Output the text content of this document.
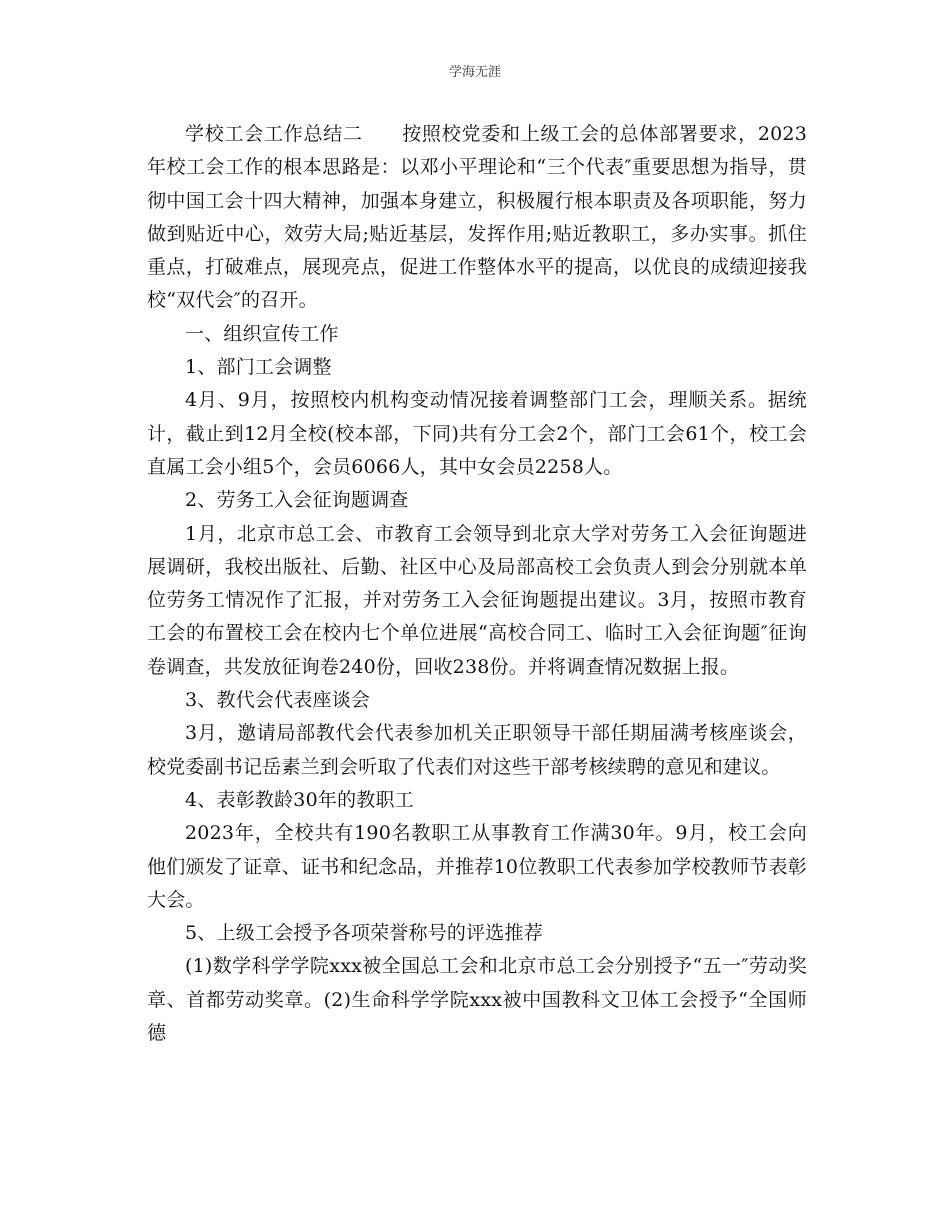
学海无涯

学校工会工作总结二　　按照校党委和上级工会的总体部署要求，2023年校工会工作的根本思路是：以邓小平理论和“三个代表″重要思想为指导，贯彻中国工会十四大精神，加强本身建立，积极履行根本职责及各项职能，努力做到贴近中心，效劳大局;贴近基层，发挥作用;贴近教职工，多办实事。抓住重点，打破难点，展现亮点，促进工作整体水平的提高，以优良的成绩迎接我校“双代会″的召开。

一、组织宣传工作

1、部门工会调整

4月、9月，按照校内机构变动情况接着调整部门工会，理顺关系。据统计，截止到12月全校(校本部，下同)共有分工会2个，部门工会61个，校工会直属工会小组5个，会员6066人，其中女会员2258人。

2、劳务工入会征询题调查

1月，北京市总工会、市教育工会领导到北京大学对劳务工入会征询题进展调研，我校出版社、后勤、社区中心及局部高校工会负责人到会分别就本单位劳务工情况作了汇报，并对劳务工入会征询题提出建议。3月，按照市教育工会的布置校工会在校内七个单位进展“高校合同工、临时工入会征询题″征询卷调查，共发放征询卷240份，回收238份。并将调查情况数据上报。

3、教代会代表座谈会

3月，邀请局部教代会代表参加机关正职领导干部任期届满考核座谈会，校党委副书记岳素兰到会听取了代表们对这些干部考核续聘的意见和建议。

4、表彰教龄30年的教职工

2023年，全校共有190名教职工从事教育工作满30年。9月，校工会向他们颁发了证章、证书和纪念品，并推荐10位教职工代表参加学校教师节表彰大会。

5、上级工会授予各项荣誉称号的评选推荐

(1)数学科学学院xxx被全国总工会和北京市总工会分别授予“五一″劳动奖章、首都劳动奖章。(2)生命科学学院xxx被中国教科文卫体工会授予“全国师德
